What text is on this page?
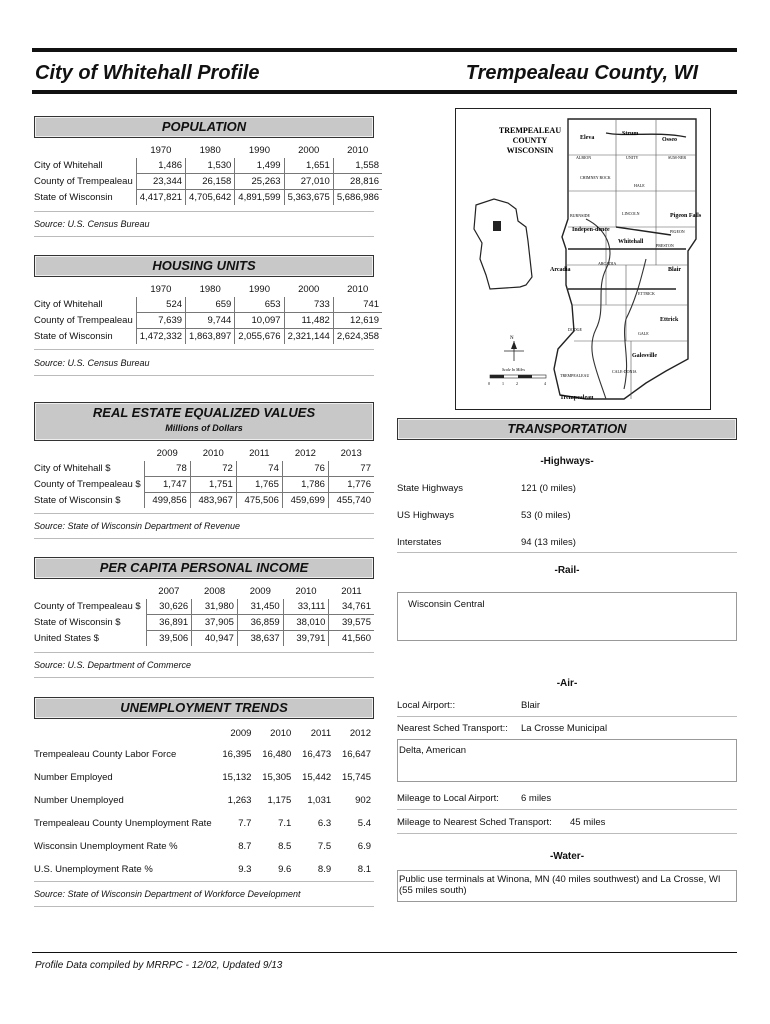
City of Whitehall Profile	Trempealeau County, WI
POPULATION
	1970	1980	1990	2000	2010
City of Whitehall	1,486	1,530	1,499	1,651	1,558
County of Trempealeau	23,344	26,158	25,263	27,010	28,816
State of Wisconsin	4,417,821	4,705,642	4,891,599	5,363,675	5,686,986
Source: U.S. Census Bureau
HOUSING UNITS
	1970	1980	1990	2000	2010
City of Whitehall	524	659	653	733	741
County of Trempealeau	7,639	9,744	10,097	11,482	12,619
State of Wisconsin	1,472,332	1,863,897	2,055,676	2,321,144	2,624,358
Source: U.S. Census Bureau
REAL ESTATE EQUALIZED VALUES
Millions of Dollars
	2009	2010	2011	2012	2013
City of Whitehall $	78	72	74	76	77
County of Trempealeau $	1,747	1,751	1,765	1,786	1,776
State of Wisconsin $	499,856	483,967	475,506	459,699	455,740
Source: State of Wisconsin Department of Revenue
PER CAPITA PERSONAL INCOME
	2007	2008	2009	2010	2011
County of Trempealeau $	30,626	31,980	31,450	33,111	34,761
State of Wisconsin $	36,891	37,905	36,859	38,010	39,575
United States $	39,506	40,947	38,637	39,791	41,560
Source: U.S. Department of Commerce
UNEMPLOYMENT TRENDS
	2009	2010	2011	2012
Trempealeau County Labor Force	16,395	16,480	16,473	16,647
Number Employed	15,132	15,305	15,442	15,745
Number Unemployed	1,263	1,175	1,031	902
Trempealeau County Unemployment Rate	7.7	7.1	6.3	5.4
Wisconsin Unemployment Rate %	8.7	8.5	7.5	6.9
U.S. Unemployment Rate %	9.3	9.6	8.9	8.1
Source: State of Wisconsin Department of Workforce Development
TREMPEALEAU
COUNTY
WISCONSIN
Eleva
Strum
Osseo
ALBION	UNITY	SUM-NER
CHIMNEY ROCK
HALE
BURNSIDE	LINCOLN	Pigeon Falls
Indepen-dence	PIGEON
Whitehall
PRESTON
ARCADIA
Arcadia	Blair
ETTRICK
Ettrick
DODGE
GALE
Galesville
TREMPEALEAU
CALE-DONIA
Trempealeau
N
Scale In Miles
0	1	2	4
TRANSPORTATION
-Highways-
State Highways	121 (0 miles)
US Highways	53 (0 miles)
Interstates	94 (13 miles)
-Rail-
Wisconsin Central
-Air-
Local Airport::	Blair
Nearest Sched Transport:: La Crosse Municipal
Delta, American
Mileage to Local Airport: 6 miles
Mileage to Nearest Sched Transport: 45 miles
-Water-
Public use terminals at Winona, MN (40 miles southwest) and La Crosse, WI (55 miles south)
Profile Data compiled by MRRPC - 12/02, Updated 9/13
